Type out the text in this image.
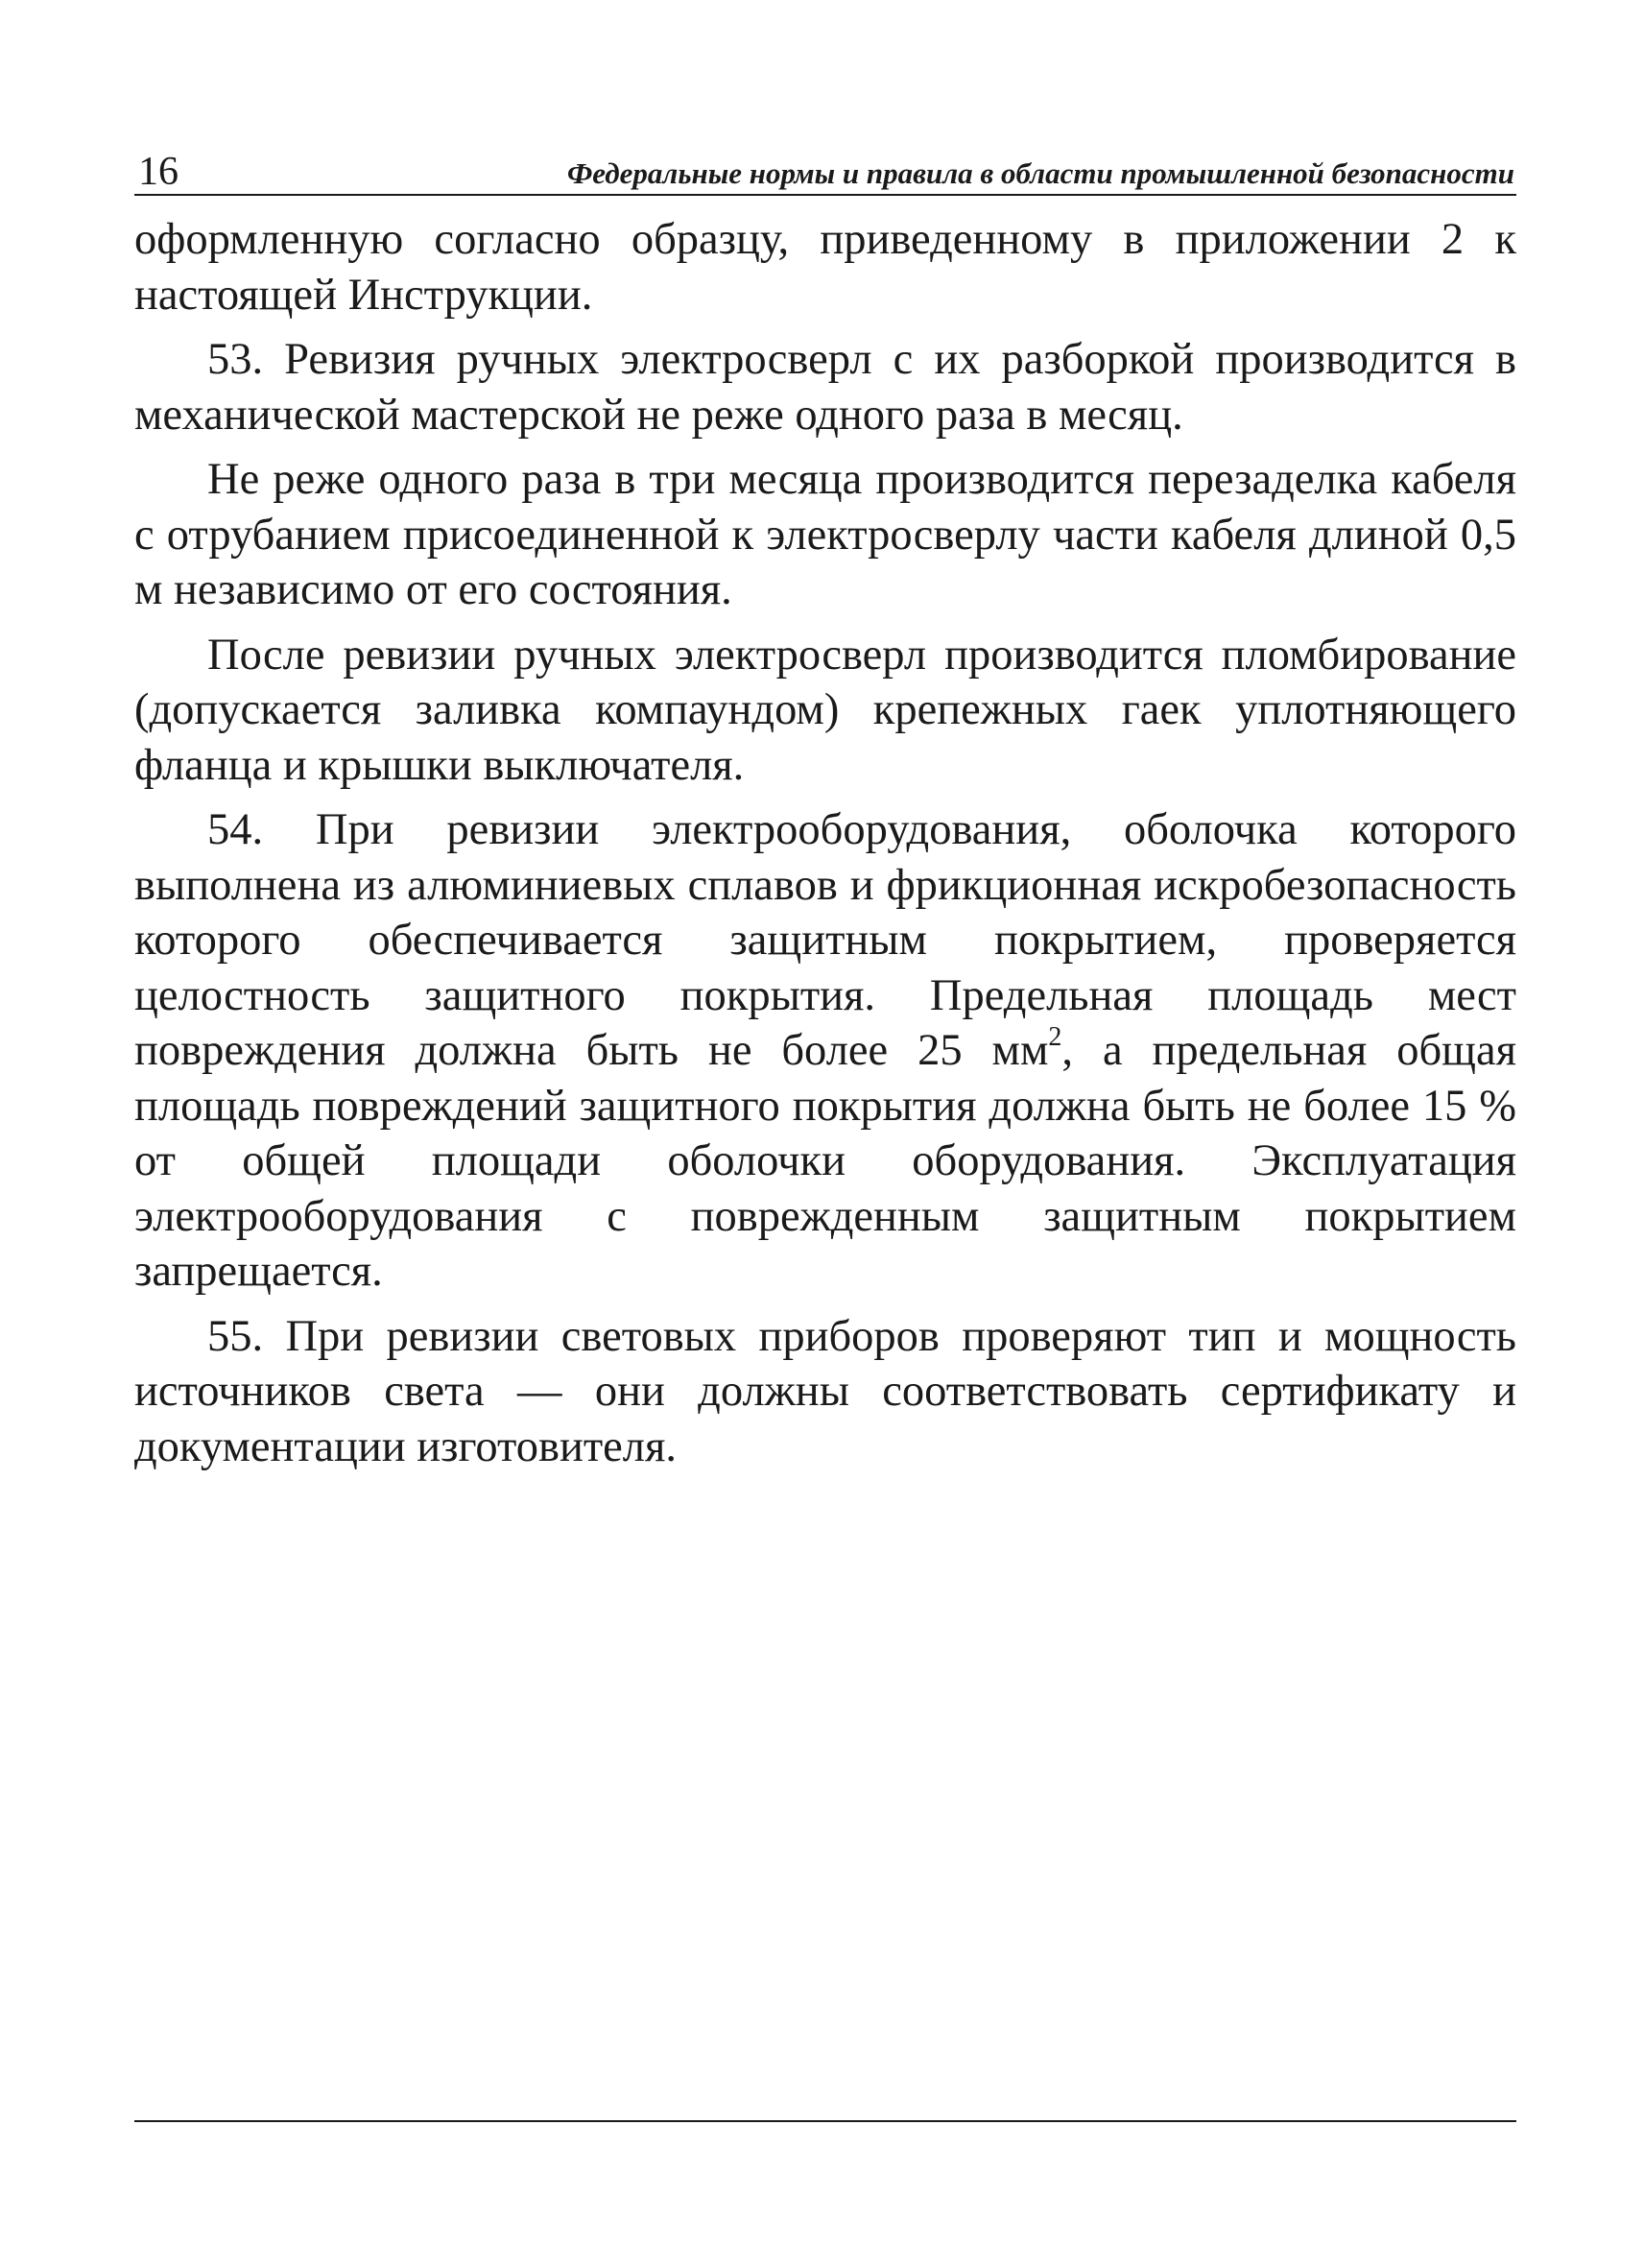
16	Федеральные нормы и правила в области промышленной безопасности

оформленную согласно образцу, приведенному в приложении 2 к настоящей Инструкции.

53. Ревизия ручных электросверл с их разборкой производится в механической мастерской не реже одного раза в месяц.

Не реже одного раза в три месяца производится перезаделка кабеля с отрубанием присоединенной к электросверлу части кабеля длиной 0,5 м независимо от его состояния.

После ревизии ручных электросверл производится пломбирование (допускается заливка компаундом) крепежных гаек уплотняющего фланца и крышки выключателя.

54. При ревизии электрооборудования, оболочка которого выполнена из алюминиевых сплавов и фрикционная искробезопасность которого обеспечивается защитным покрытием, проверяется целостность защитного покрытия. Предельная площадь мест повреждения должна быть не более 25 $мм^2$, а предельная общая площадь повреждений защитного покрытия должна быть не более 15 % от общей площади оболочки оборудования. Эксплуатация электрооборудования с поврежденным защитным покрытием запрещается.

55. При ревизии световых приборов проверяют тип и мощность источников света — они должны соответствовать сертификату и документации изготовителя.
